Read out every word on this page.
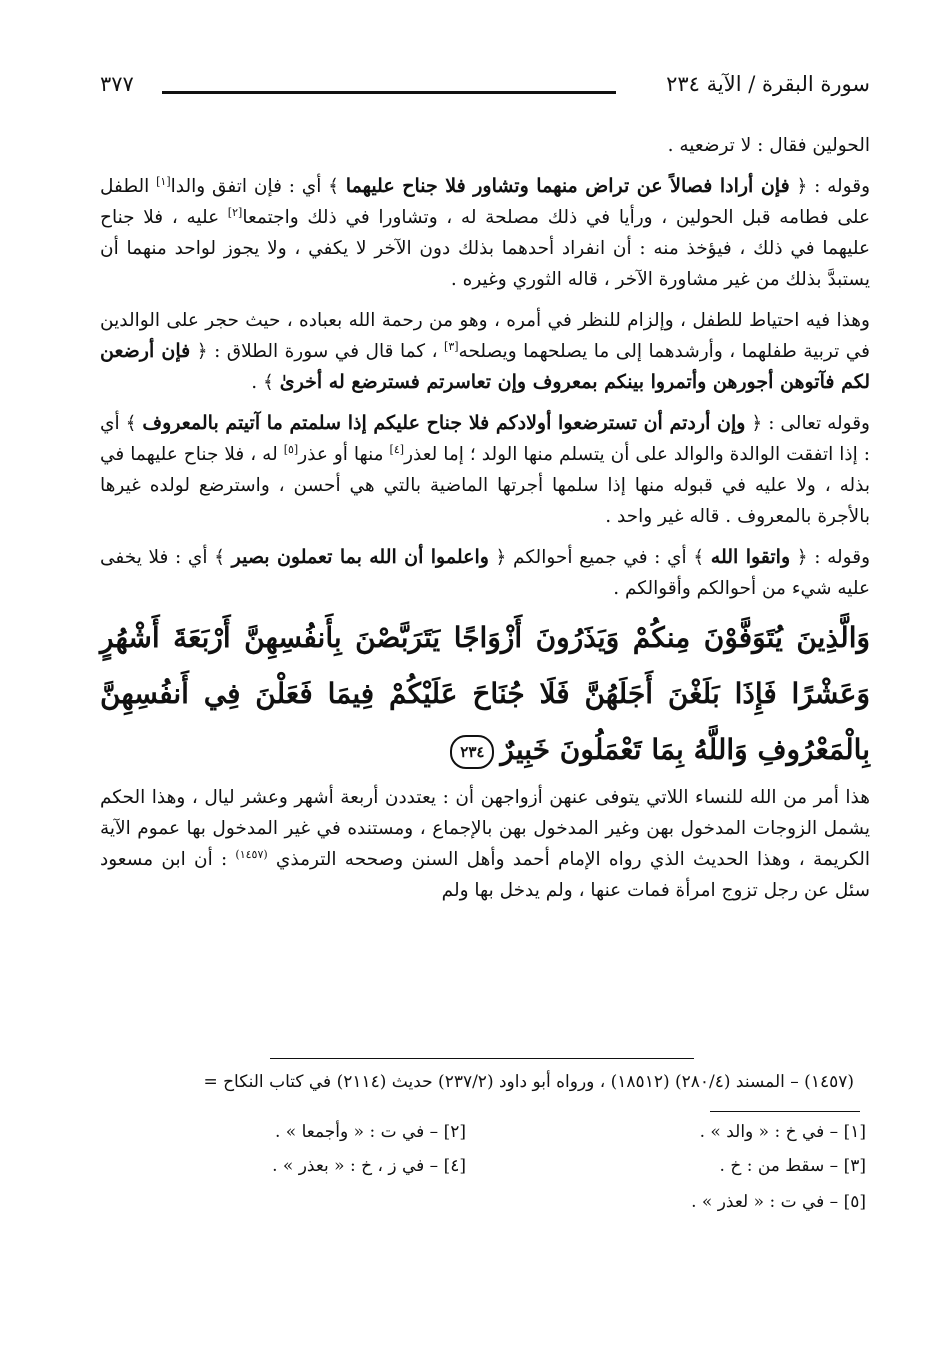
سورة البقرة / الآية ٢٣٤
٣٧٧

الحولين فقال : لا ترضعيه .

وقوله : ﴿ فإن أرادا فصالاً عن تراض منهما وتشاور فلا جناح عليهما ﴾ أي : فإن اتفق والدا[١] الطفل على فطامه قبل الحولين ، ورأيا في ذلك مصلحة له ، وتشاورا في ذلك واجتمعا[٢] عليه ، فلا جناح عليهما في ذلك ، فيؤخذ منه : أن انفراد أحدهما بذلك دون الآخر لا يكفي ، ولا يجوز لواحد منهما أن يستبدَّ بذلك من غير مشاورة الآخر ، قاله الثوري وغيره .

وهذا فيه احتياط للطفل ، وإلزام للنظر في أمره ، وهو من رحمة الله بعباده ، حيث حجر على الوالدين في تربية طفلهما ، وأرشدهما إلى ما يصلحهما ويصلحه[٣] ، كما قال في سورة الطلاق : ﴿ فإن أرضعن لكم فآتوهن أجورهن وأتمروا بينكم بمعروف وإن تعاسرتم فسترضع له أخرىٰ ﴾ .

وقوله تعالى : ﴿ وإن أردتم أن تسترضعوا أولادكم فلا جناح عليكم إذا سلمتم ما آتيتم بالمعروف ﴾ أي : إذا اتفقت الوالدة والوالد على أن يتسلم منها الولد ؛ إما لعذر[٤] منها أو عذر[٥] له ، فلا جناح عليهما في بذله ، ولا عليه في قبوله منها إذا سلمها أجرتها الماضية بالتي هي أحسن ، واسترضع لولده غيرها بالأجرة بالمعروف . قاله غير واحد .

وقوله : ﴿ واتقوا الله ﴾ أي : في جميع أحوالكم ﴿ واعلموا أن الله بما تعملون بصير ﴾ أي : فلا يخفى عليه شيء من أحوالكم وأقوالكم .

وَالَّذِينَ يُتَوَفَّوْنَ مِنكُمْ وَيَذَرُونَ أَزْوَاجًا يَتَرَبَّصْنَ بِأَنفُسِهِنَّ أَرْبَعَةَ أَشْهُرٍ وَعَشْرًا فَإِذَا بَلَغْنَ أَجَلَهُنَّ فَلَا جُنَاحَ عَلَيْكُمْ فِيمَا فَعَلْنَ فِي أَنفُسِهِنَّ بِالْمَعْرُوفِ وَاللَّهُ بِمَا تَعْمَلُونَ خَبِيرٌ٢٣٤

هذا أمر من الله للنساء اللاتي يتوفى عنهن أزواجهن أن : يعتددن أربعة أشهر وعشر ليال ، وهذا الحكم يشمل الزوجات المدخول بهن وغير المدخول بهن بالإجماع ، ومستنده في غير المدخول بها عموم الآية الكريمة ، وهذا الحديث الذي رواه الإمام أحمد وأهل السنن وصححه الترمذي $^{(١٤٥٧)}$ : أن ابن مسعود سئل عن رجل تزوج امرأة فمات عنها ، ولم يدخل بها ولم

(١٤٥٧) – المسند (٢٨٠/٤) (١٨٥١٢) ، ورواه أبو داود (٢٣٧/٢) حديث (٢١١٤) في كتاب النكاح =
[١] – في خ : « والد » .
[٢] – في ت : « وأجمعا » .
[٣] – سقط من : خ .
[٤] – في ز ، خ : « بعذر » .
[٥] – في ت : « لعذر » .
